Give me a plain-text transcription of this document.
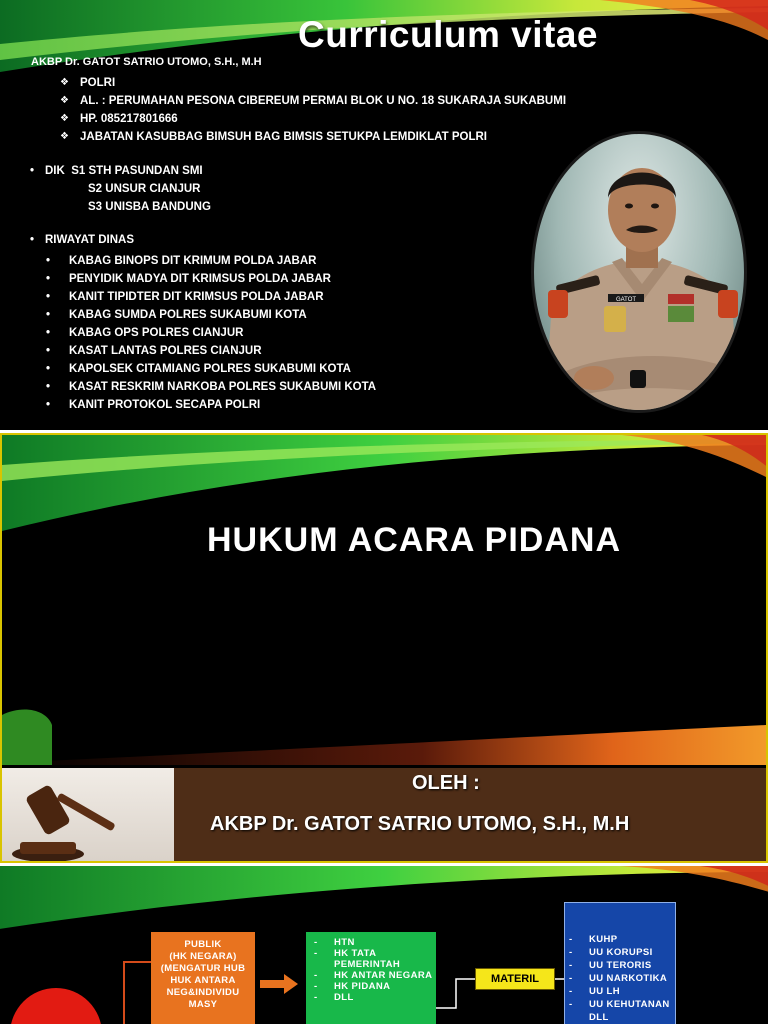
Curriculum vitae
AKBP Dr. GATOT SATRIO UTOMO, S.H., M.H
❖ POLRI
❖ AL. : PERUMAHAN PESONA CIBEREUM PERMAI BLOK U NO. 18 SUKARAJA SUKABUMI
❖ HP. 085217801666
❖ JABATAN KASUBBAG BIMSUH BAG BIMSIS SETUKPA LEMDIKLAT POLRI
• DIK S1 STH PASUNDAN SMI
S2 UNSUR CIANJUR
S3 UNISBA BANDUNG
• RIWAYAT DINAS
•	KABAG BINOPS DIT KRIMUM POLDA JABAR
•	PENYIDIK MADYA DIT KRIMSUS POLDA JABAR
•	KANIT TIPIDTER DIT KRIMSUS POLDA JABAR
•	KABAG SUMDA POLRES SUKABUMI KOTA
•	KABAG OPS POLRES CIANJUR
•	KASAT LANTAS POLRES CIANJUR
•	KAPOLSEK CITAMIANG POLRES SUKABUMI KOTA
•	KASAT RESKRIM NARKOBA POLRES SUKABUMI KOTA
•	KANIT PROTOKOL SECAPA POLRI
GATOT
HUKUM ACARA PIDANA
OLEH :
AKBP Dr. GATOT SATRIO UTOMO, S.H., M.H
PUBLIK
(HK NEGARA)
(MENGATUR HUB
HUK ANTARA
NEG&INDIVIDU
MASY
-	HTN
-	HK TATA PEMERINTAH
-	HK ANTAR NEGARA
-	HK PIDANA
-	DLL
MATERIL
-	KUHP
-	UU KORUPSI
-	UU TERORIS
-	UU NARKOTIKA
-	UU LH
-	UU KEHUTANAN
DLL
